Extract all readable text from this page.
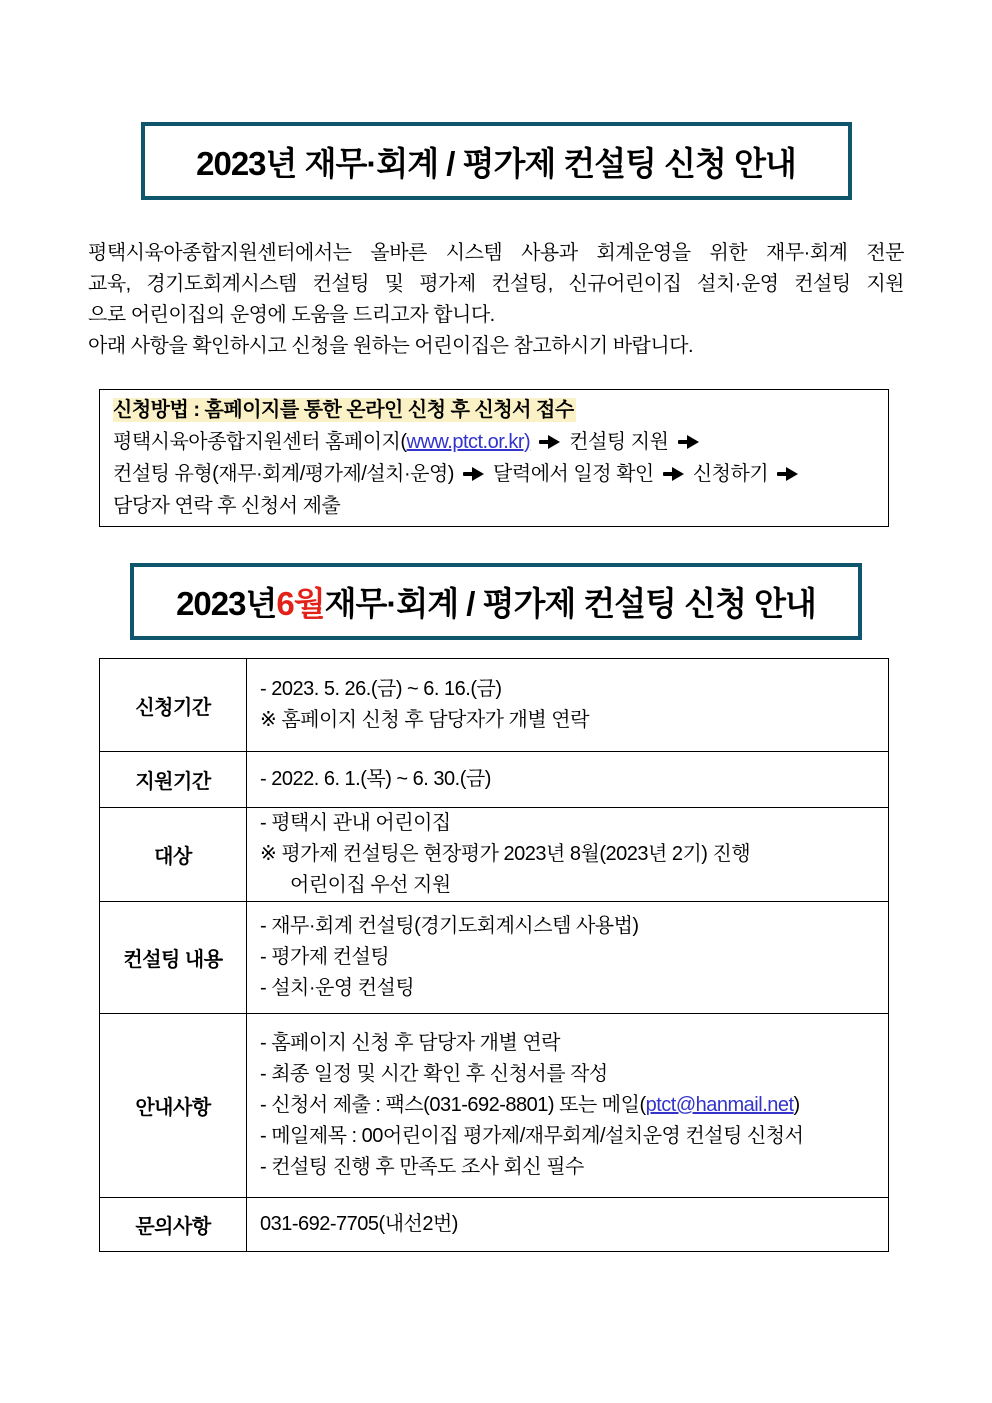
2023년 재무·회계 / 평가제 컨설팅 신청 안내
평택시육아종합지원센터에서는 올바른 시스템 사용과 회계운영을 위한 재무·회계 전문
교육, 경기도회계시스템 컨설팅 및 평가제 컨설팅, 신규어린이집 설치·운영 컨설팅 지원
으로 어린이집의 운영에 도움을 드리고자 합니다.
아래 사항을 확인하시고 신청을 원하는 어린이집은 참고하시기 바랍니다.
신청방법 : 홈페이지를 통한 온라인 신청 후 신청서 접수
평택시육아종합지원센터 홈페이지(www.ptct.or.kr)  컨설팅 지원
컨설팅 유형(재무·회계/평가제/설치·운영)  달력에서 일정 확인  신청하기
담당자 연락 후 신청서 제출
2023년 6월 재무·회계 / 평가제 컨설팅 신청 안내
신청기간
- 2023. 5. 26.(금) ~ 6. 16.(금)
※ 홈페이지 신청 후 담당자가 개별 연락
지원기간	- 2022. 6. 1.(목) ~ 6. 30.(금)
대상
- 평택시 관내 어린이집
※ 평가제 컨설팅은 현장평가 2023년 8월(2023년 2기) 진행
어린이집 우선 지원
컨설팅 내용
- 재무·회계 컨설팅(경기도회계시스템 사용법)
- 평가제 컨설팅
- 설치·운영 컨설팅
안내사항
- 홈페이지 신청 후 담당자 개별 연락
- 최종 일정 및 시간 확인 후 신청서를 작성
- 신청서 제출 : 팩스(031-692-8801) 또는 메일(ptct@hanmail.net)
- 메일제목 : 00어린이집 평가제/재무회계/설치운영 컨설팅 신청서
- 컨설팅 진행 후 만족도 조사 회신 필수
문의사항	031-692-7705(내선2번)
